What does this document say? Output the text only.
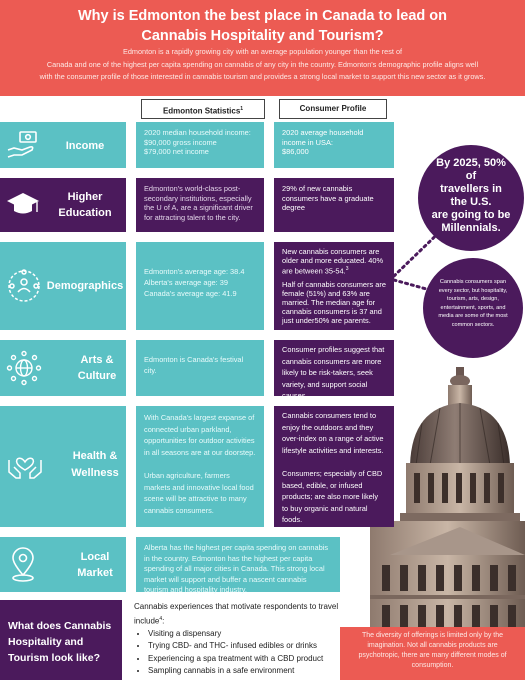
Why is Edmonton the best place in Canada to lead on
Cannabis Hospitality and Tourism?
Edmonton is a rapidly growing city with an average population younger than the rest of
Canada and one of the highest per capita spending on cannabis of any city in the country. Edmonton's demographic profile aligns well
with the consumer profile of those interested in cannabis tourism and provides a strong local market to support this new sector as it grows.
Edmonton Statistics$^1$	Consumer Profile
Income
2020 median household income:
$90,000 gross income
$79,000 net income
2020 average household income in USA:
$86,000
Higher Education
Edmonton's world-class post-secondary institutions, especially the U of A, are a significant driver for attracting talent to the city.
29% of new cannabis consumers have a graduate degree
Demographics
Edmonton's average age: 38.4
Alberta's average age: 39
Canada's average age: 41.9
New cannabis consumers are older and more educated. 40% are between 35-54.$^3$
Half of cannabis consumers are female (51%) and 63% are married. The median age for cannabis consumers is 37 and just under50% are parents.
Arts & Culture
Edmonton is Canada's festival city.
Consumer profiles suggest that cannabis consumers are more likely to be risk-takers, seek variety, and support social causes.
Health & Wellness
With Canada's largest expanse of connected urban parkland, opportunities for outdoor activities in all seasons are at our doorstep.
Urban agriculture, farmers markets and innovative local food scene will be attractive to many cannabis consumers.
Cannabis consumers tend to enjoy the outdoors and they over-index on a range of active lifestyle activities and interests.
Consumers; especially of CBD based, edible, or infused products; are also more likely to buy organic and natural foods.
Local Market
Alberta has the highest per capita spending on cannabis in the country. Edmonton has the highest per capita spending of all major cities in Canada. This strong local market will support and buffer a nascent cannabis tourism and hospitality industry.
By 2025, 50%
of
travellers in
the U.S.
are going to be
Millennials.
Cannabis consumers span every sector, but hospitality, tourism, arts, design, entertainment, sports, and media are some of the most common sectors.
What does Cannabis Hospitality and Tourism look like?
Cannabis experiences that motivate respondents to travel include$^4$:
• Visiting a dispensary
• Trying CBD- and THC- infused edibles or drinks
• Experiencing a spa treatment with a CBD product
• Sampling cannabis in a safe environment
The diversity of offerings is limited only by the imagination. Not all cannabis products are psychotropic, there are many different modes of consumption.
